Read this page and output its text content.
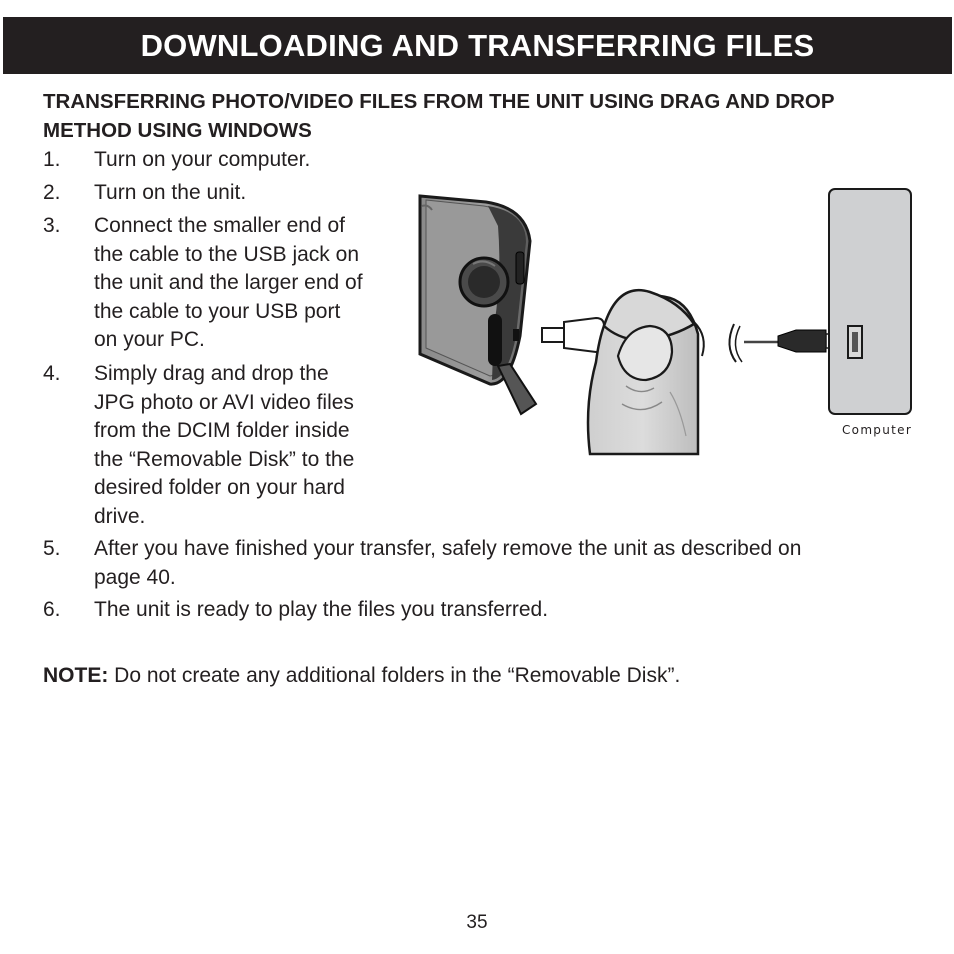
DOWNLOADING AND TRANSFERRING FILES
TRANSFERRING PHOTO/VIDEO FILES FROM THE UNIT USING DRAG AND DROP METHOD USING WINDOWS
1. Turn on your computer.
2. Turn on the unit.
3. Connect the smaller end of
the cable to the USB jack on
the unit and the larger end of
the cable to your USB port
on your PC.
4. Simply drag and drop the
JPG photo or AVI video files
from the DCIM folder inside
the “Removable Disk” to the
desired folder on your hard
drive.
5. After you have finished your transfer, safely remove the unit as described on
page 40.
6. The unit is ready to play the files you transferred.
Computer
NOTE: Do not create any additional folders in the “Removable Disk”.
35
